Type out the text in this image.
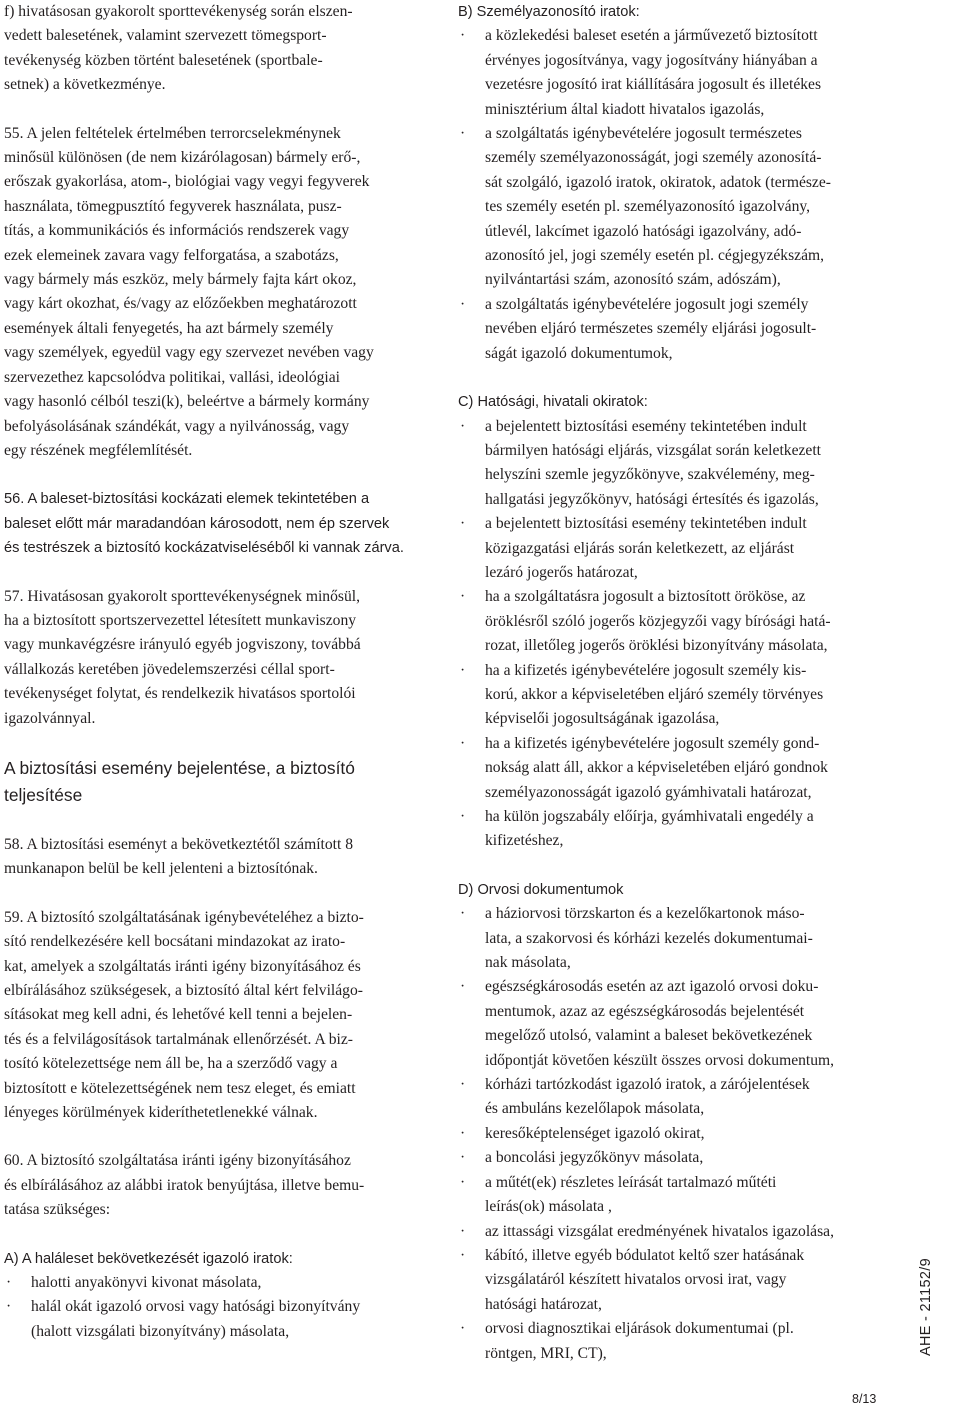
f) hivatásosan gyakorolt sporttevékenység során elszen-
vedett balesetének, valamint szervezett tömegsport-
tevékenység közben történt balesetének (sportbale-
setnek) a következménye.

55. A jelen feltételek értelmében terrorcselekménynek
minősül különösen (de nem kizárólagosan) bármely erő-,
erőszak gyakorlása, atom-, biológiai vagy vegyi fegyverek
használata, tömegpusztító fegyverek használata, pusz-
títás, a kommunikációs és információs rendszerek vagy
ezek elemeinek zavara vagy felforgatása, a szabotázs,
vagy bármely más eszköz, mely bármely fajta kárt okoz,
vagy kárt okozhat, és/vagy az előzőekben meghatározott
események általi fenyegetés, ha azt bármely személy
vagy személyek, egyedül vagy egy szervezet nevében vagy
szervezethez kapcsolódva politikai, vallási, ideológiai
vagy hasonló célból teszi(k), beleértve a bármely kormány
befolyásolásának szándékát, vagy a nyilvánosság, vagy
egy részének megfélemlítését.

56. A baleset-biztosítási kockázati elemek tekintetében a
baleset előtt már maradandóan károsodott, nem ép szervek
és testrészek a biztosító kockázatviseléséből ki vannak zárva.

57. Hivatásosan gyakorolt sporttevékenységnek minősül,
ha a biztosított sportszervezettel létesített munkaviszony
vagy munkavégzésre irányuló egyéb jogviszony, továbbá
vállalkozás keretében jövedelemszerzési céllal sport-
tevékenységet folytat, és rendelkezik hivatásos sportolói
igazolvánnyal.

A biztosítási esemény bejelentése, a biztosító
teljesítése

58. A biztosítási eseményt a bekövetkeztétől számított 8
munkanapon belül be kell jelenteni a biztosítónak.

59. A biztosító szolgáltatásának igénybevételéhez a bizto-
sító rendelkezésére kell bocsátani mindazokat az irato-
kat, amelyek a szolgáltatás iránti igény bizonyításához és
elbírálásához szükségesek, a biztosító által kért felvilágo-
sításokat meg kell adni, és lehetővé kell tenni a bejelen-
tés és a felvilágosítások tartalmának ellenőrzését. A biz-
tosító kötelezettsége nem áll be, ha a szerződő vagy a
biztosított e kötelezettségének nem tesz eleget, és emiatt
lényeges körülmények kideríthetetlenekké válnak.

60. A biztosító szolgáltatása iránti igény bizonyításához
és elbírálásához az alábbi iratok benyújtása, illetve bemu-
tatása szükséges:

A) A haláleset bekövetkezését igazoló iratok:

· halotti anyakönyvi kivonat másolata,
· halál okát igazoló orvosi vagy hatósági bizonyítvány
(halott vizsgálati bizonyítvány) másolata,

B) Személyazonosító iratok:

· a közlekedési baleset esetén a járművezető biztosított
érvényes jogosítványa, vagy jogosítvány hiányában a
vezetésre jogosító irat kiállítására jogosult és illetékes
minisztérium által kiadott hivatalos igazolás,
· a szolgáltatás igénybevételére jogosult természetes
személy személyazonosságát, jogi személy azonosítá-
sát szolgáló, igazoló iratok, okiratok, adatok (természe-
tes személy esetén pl. személyazonosító igazolvány,
útlevél, lakcímet igazoló hatósági igazolvány, adó-
azonosító jel, jogi személy esetén pl. cégjegyzékszám,
nyilvántartási szám, azonosító szám, adószám),
· a szolgáltatás igénybevételére jogosult jogi személy
nevében eljáró természetes személy eljárási jogosult-
ságát igazoló dokumentumok,

C) Hatósági, hivatali okiratok:

· a bejelentett biztosítási esemény tekintetében indult
bármilyen hatósági eljárás, vizsgálat során keletkezett
helyszíni szemle jegyzőkönyve, szakvélemény, meg-
hallgatási jegyzőkönyv, hatósági értesítés és igazolás,
· a bejelentett biztosítási esemény tekintetében indult
közigazgatási eljárás során keletkezett, az eljárást
lezáró jogerős határozat,
· ha a szolgáltatásra jogosult a biztosított örököse, az
öröklésről szóló jogerős közjegyzői vagy bírósági hatá-
rozat, illetőleg jogerős öröklési bizonyítvány másolata,
· ha a kifizetés igénybevételére jogosult személy kis-
korú, akkor a képviseletében eljáró személy törvényes
képviselői jogosultságának igazolása,
· ha a kifizetés igénybevételére jogosult személy gond-
nokság alatt áll, akkor a képviseletében eljáró gondnok
személyazonosságát igazoló gyámhivatali határozat,
· ha külön jogszabály előírja, gyámhivatali engedély a
kifizetéshez,

D) Orvosi dokumentumok

· a háziorvosi törzskarton és a kezelőkartonok máso-
lata, a szakorvosi és kórházi kezelés dokumentumai-
nak másolata,
· egészségkárosodás esetén az azt igazoló orvosi doku-
mentumok, azaz az egészségkárosodás bejelentését
megelőző utolsó, valamint a baleset bekövetkezének
időpontját követően készült összes orvosi dokumentum,
· kórházi tartózkodást igazoló iratok, a zárójelentések
és ambuláns kezelőlapok másolata,
· keresőképtelenséget igazoló okirat,
· a boncolási jegyzőkönyv másolata,
· a műtét(ek) részletes leírását tartalmazó műtéti
leírás(ok) másolata ,
· az ittassági vizsgálat eredményének hivatalos igazolása,
· kábító, illetve egyéb bódulatot keltő szer hatásának
vizsgálatáról készített hivatalos orvosi irat, vagy
hatósági határozat,
· orvosi diagnosztikai eljárások dokumentumai (pl.
röntgen, MRI, CT),	AHE - 21152/9
8/13
